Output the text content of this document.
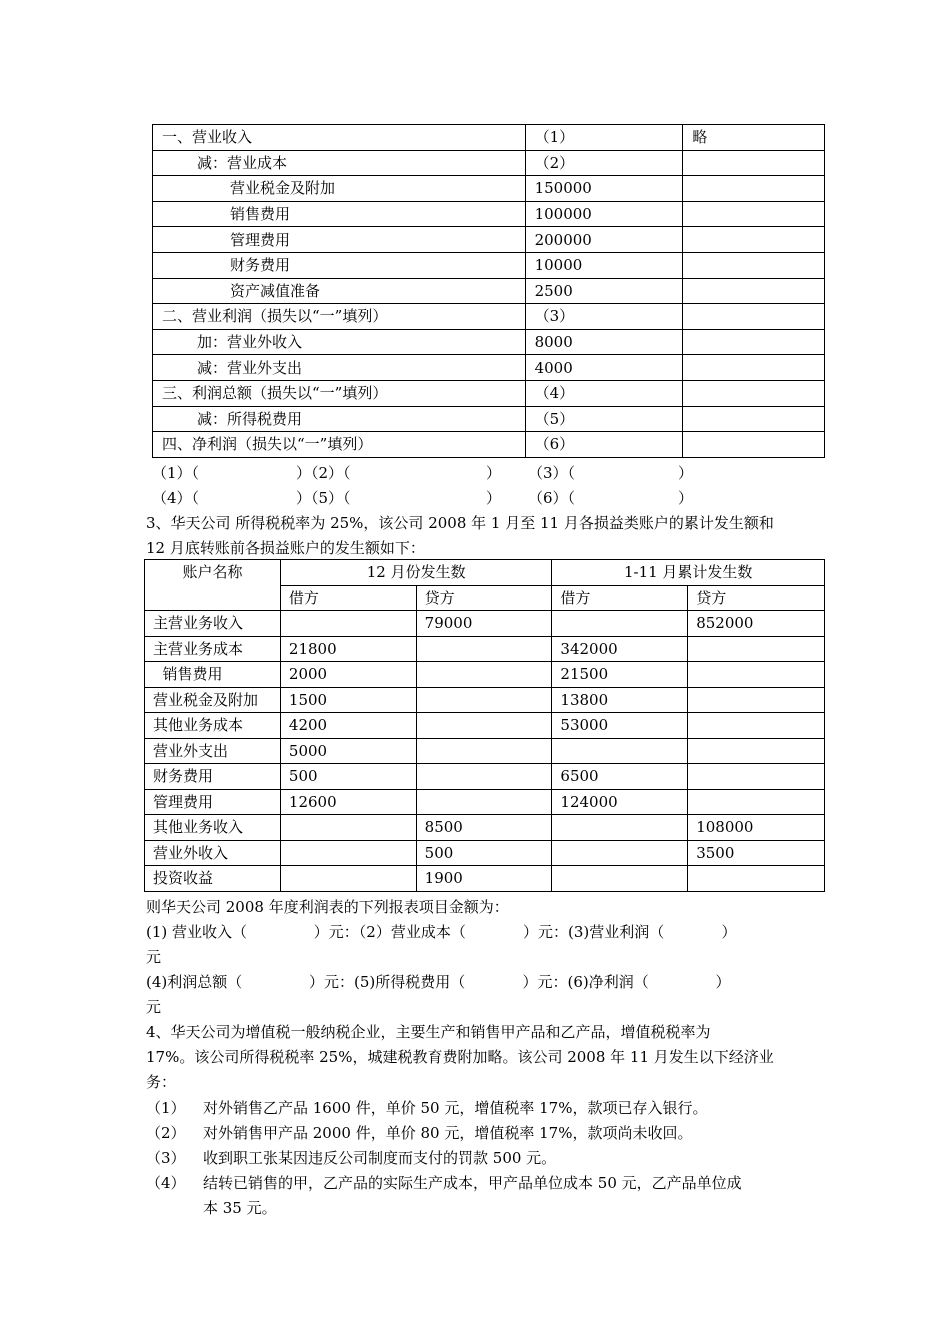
一、营业收入	（1）	略
减：营业成本	（2）	
营业税金及附加	150000	
销售费用	100000	
管理费用	200000	
财务费用	10000	
资产减值准备	2500	
二、营业利润（损失以“一”填列）	（3）	
加：营业外收入	8000	
减：营业外支出	4000	
三、利润总额（损失以“一”填列）	（4）	
减：所得税费用	（5）	
四、净利润（损失以“一”填列）	（6）	
（1）（	）（2）（	） （3）（	）
（4）（	）（5）（	） （6）（	）
3、华天公司 所得税税率为 25%，该公司 2008 年 1 月至 11 月各损益类账户的累计发生额和
12 月底转账前各损益账户的发生额如下：
账户名称	12 月份发生数		1-11 月累计发生数	
	借方	贷方	借方	贷方
主营业务收入		79000		852000
主营业务成本	21800		342000	
销售费用	2000		21500	
营业税金及附加	1500		13800	
其他业务成本	4200		53000	
营业外支出	5000			
财务费用	500		6500	
管理费用	12600		124000	
其他业务收入		8500		108000
营业外收入		500		3500
投资收益		1900		
则华天公司 2008 年度利润表的下列报表项目金额为：
(1) 营业收入（              ）元：（2）营业成本（            ）元：(3)营业利润（            ）
元
(4)利润总额（              ）元：(5)所得税费用（            ）元：(6)净利润（              ）
元
4、华天公司为增值税一般纳税企业，主要生产和销售甲产品和乙产品，增值税税率为
17%。该公司所得税税率 25%，城建税教育费附加略。该公司 2008 年 11 月发生以下经济业
务：
（1） 对外销售乙产品 1600 件，单价 50 元，增值税率 17%，款项已存入银行。
（2） 对外销售甲产品 2000 件，单价 80 元，增值税率 17%，款项尚未收回。
（3） 收到职工张某因违反公司制度而支付的罚款 500 元。
（4） 结转已销售的甲，乙产品的实际生产成本，甲产品单位成本 50 元，乙产品单位成
本 35 元。
